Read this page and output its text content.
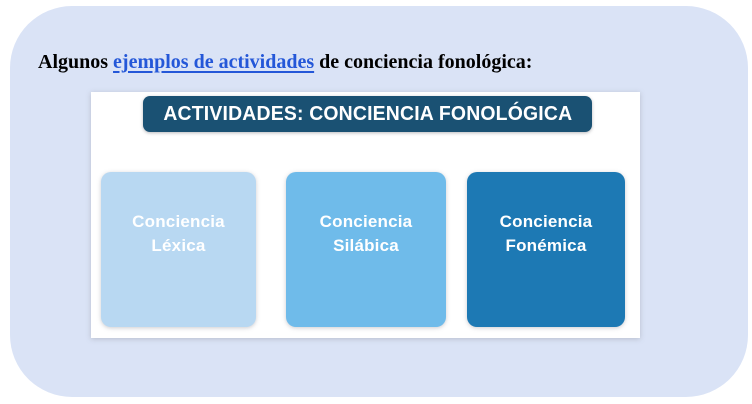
Algunos ejemplos de actividades de conciencia fonológica:
ACTIVIDADES: CONCIENCIA FONOLÓGICA
Conciencia
Léxica
Conciencia
Silábica
Conciencia
Fonémica
